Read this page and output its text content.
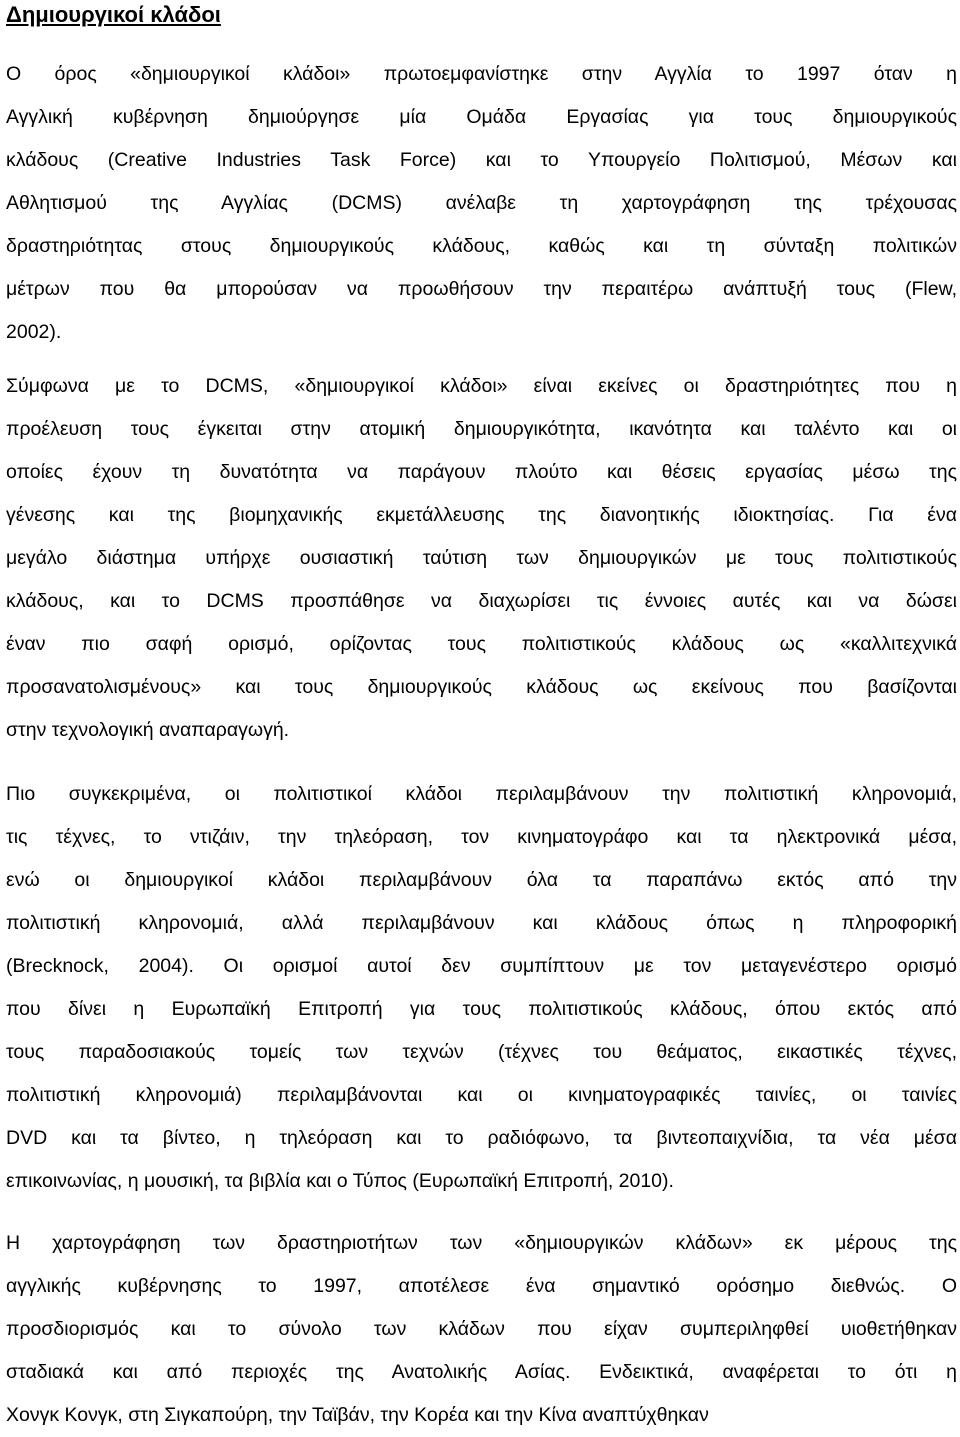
Δημιουργικοί κλάδοι
Ο όρος «δημιουργικοί κλάδοι» πρωτοεμφανίστηκε στην Αγγλία το 1997 όταν η
Αγγλική κυβέρνηση δημιούργησε μία Ομάδα Εργασίας για τους δημιουργικούς
κλάδους (Creative Industries Task Force) και το Υπουργείο Πολιτισμού, Μέσων και
Αθλητισμού της Αγγλίας (DCMS) ανέλαβε τη χαρτογράφηση της τρέχουσας
δραστηριότητας στους δημιουργικούς κλάδους, καθώς και τη σύνταξη πολιτικών
μέτρων που θα μπορούσαν να προωθήσουν την περαιτέρω ανάπτυξή τους (Flew,
2002).
Σύμφωνα με το DCMS, «δημιουργικοί κλάδοι» είναι εκείνες οι δραστηριότητες που η
προέλευση τους έγκειται στην ατομική δημιουργικότητα, ικανότητα και ταλέντο και οι
οποίες έχουν τη δυνατότητα να παράγουν πλούτο και θέσεις εργασίας μέσω της
γένεσης και της βιομηχανικής εκμετάλλευσης της διανοητικής ιδιοκτησίας. Για ένα
μεγάλο διάστημα υπήρχε ουσιαστική ταύτιση των δημιουργικών με τους πολιτιστικούς
κλάδους, και το DCMS προσπάθησε να διαχωρίσει τις έννοιες αυτές και να δώσει
έναν πιο σαφή ορισμό, ορίζοντας τους πολιτιστικούς κλάδους ως «καλλιτεχνικά
προσανατολισμένους» και τους δημιουργικούς κλάδους ως εκείνους που βασίζονται
στην τεχνολογική αναπαραγωγή.
Πιο συγκεκριμένα, οι πολιτιστικοί κλάδοι περιλαμβάνουν την πολιτιστική κληρονομιά,
τις τέχνες, το ντιζάιν, την τηλεόραση, τον κινηματογράφο και τα ηλεκτρονικά μέσα,
ενώ οι δημιουργικοί κλάδοι περιλαμβάνουν όλα τα παραπάνω εκτός από την
πολιτιστική κληρονομιά, αλλά περιλαμβάνουν και κλάδους όπως η πληροφορική
(Brecknock, 2004). Οι ορισμοί αυτοί δεν συμπίπτουν με τον μεταγενέστερο ορισμό
που δίνει η Ευρωπαϊκή Επιτροπή για τους πολιτιστικούς κλάδους, όπου εκτός από
τους παραδοσιακούς τομείς των τεχνών (τέχνες του θεάματος, εικαστικές τέχνες,
πολιτιστική κληρονομιά) περιλαμβάνονται και οι κινηματογραφικές ταινίες, οι ταινίες
DVD και τα βίντεο, η τηλεόραση και το ραδιόφωνο, τα βιντεοπαιχνίδια, τα νέα μέσα
επικοινωνίας, η μουσική, τα βιβλία και ο Τύπος (Ευρωπαϊκή Επιτροπή, 2010).
Η χαρτογράφηση των δραστηριοτήτων των «δημιουργικών κλάδων» εκ μέρους της
αγγλικής κυβέρνησης το 1997, αποτέλεσε ένα σημαντικό ορόσημο διεθνώς. Ο
προσδιορισμός και το σύνολο των κλάδων που είχαν συμπεριληφθεί υιοθετήθηκαν
σταδιακά και από περιοχές της Ανατολικής Ασίας. Ενδεικτικά, αναφέρεται το ότι η
Χονγκ Κονγκ, στη Σιγκαπούρη, την Ταϊβάν, την Κορέα και την Κίνα αναπτύχθηκαν
